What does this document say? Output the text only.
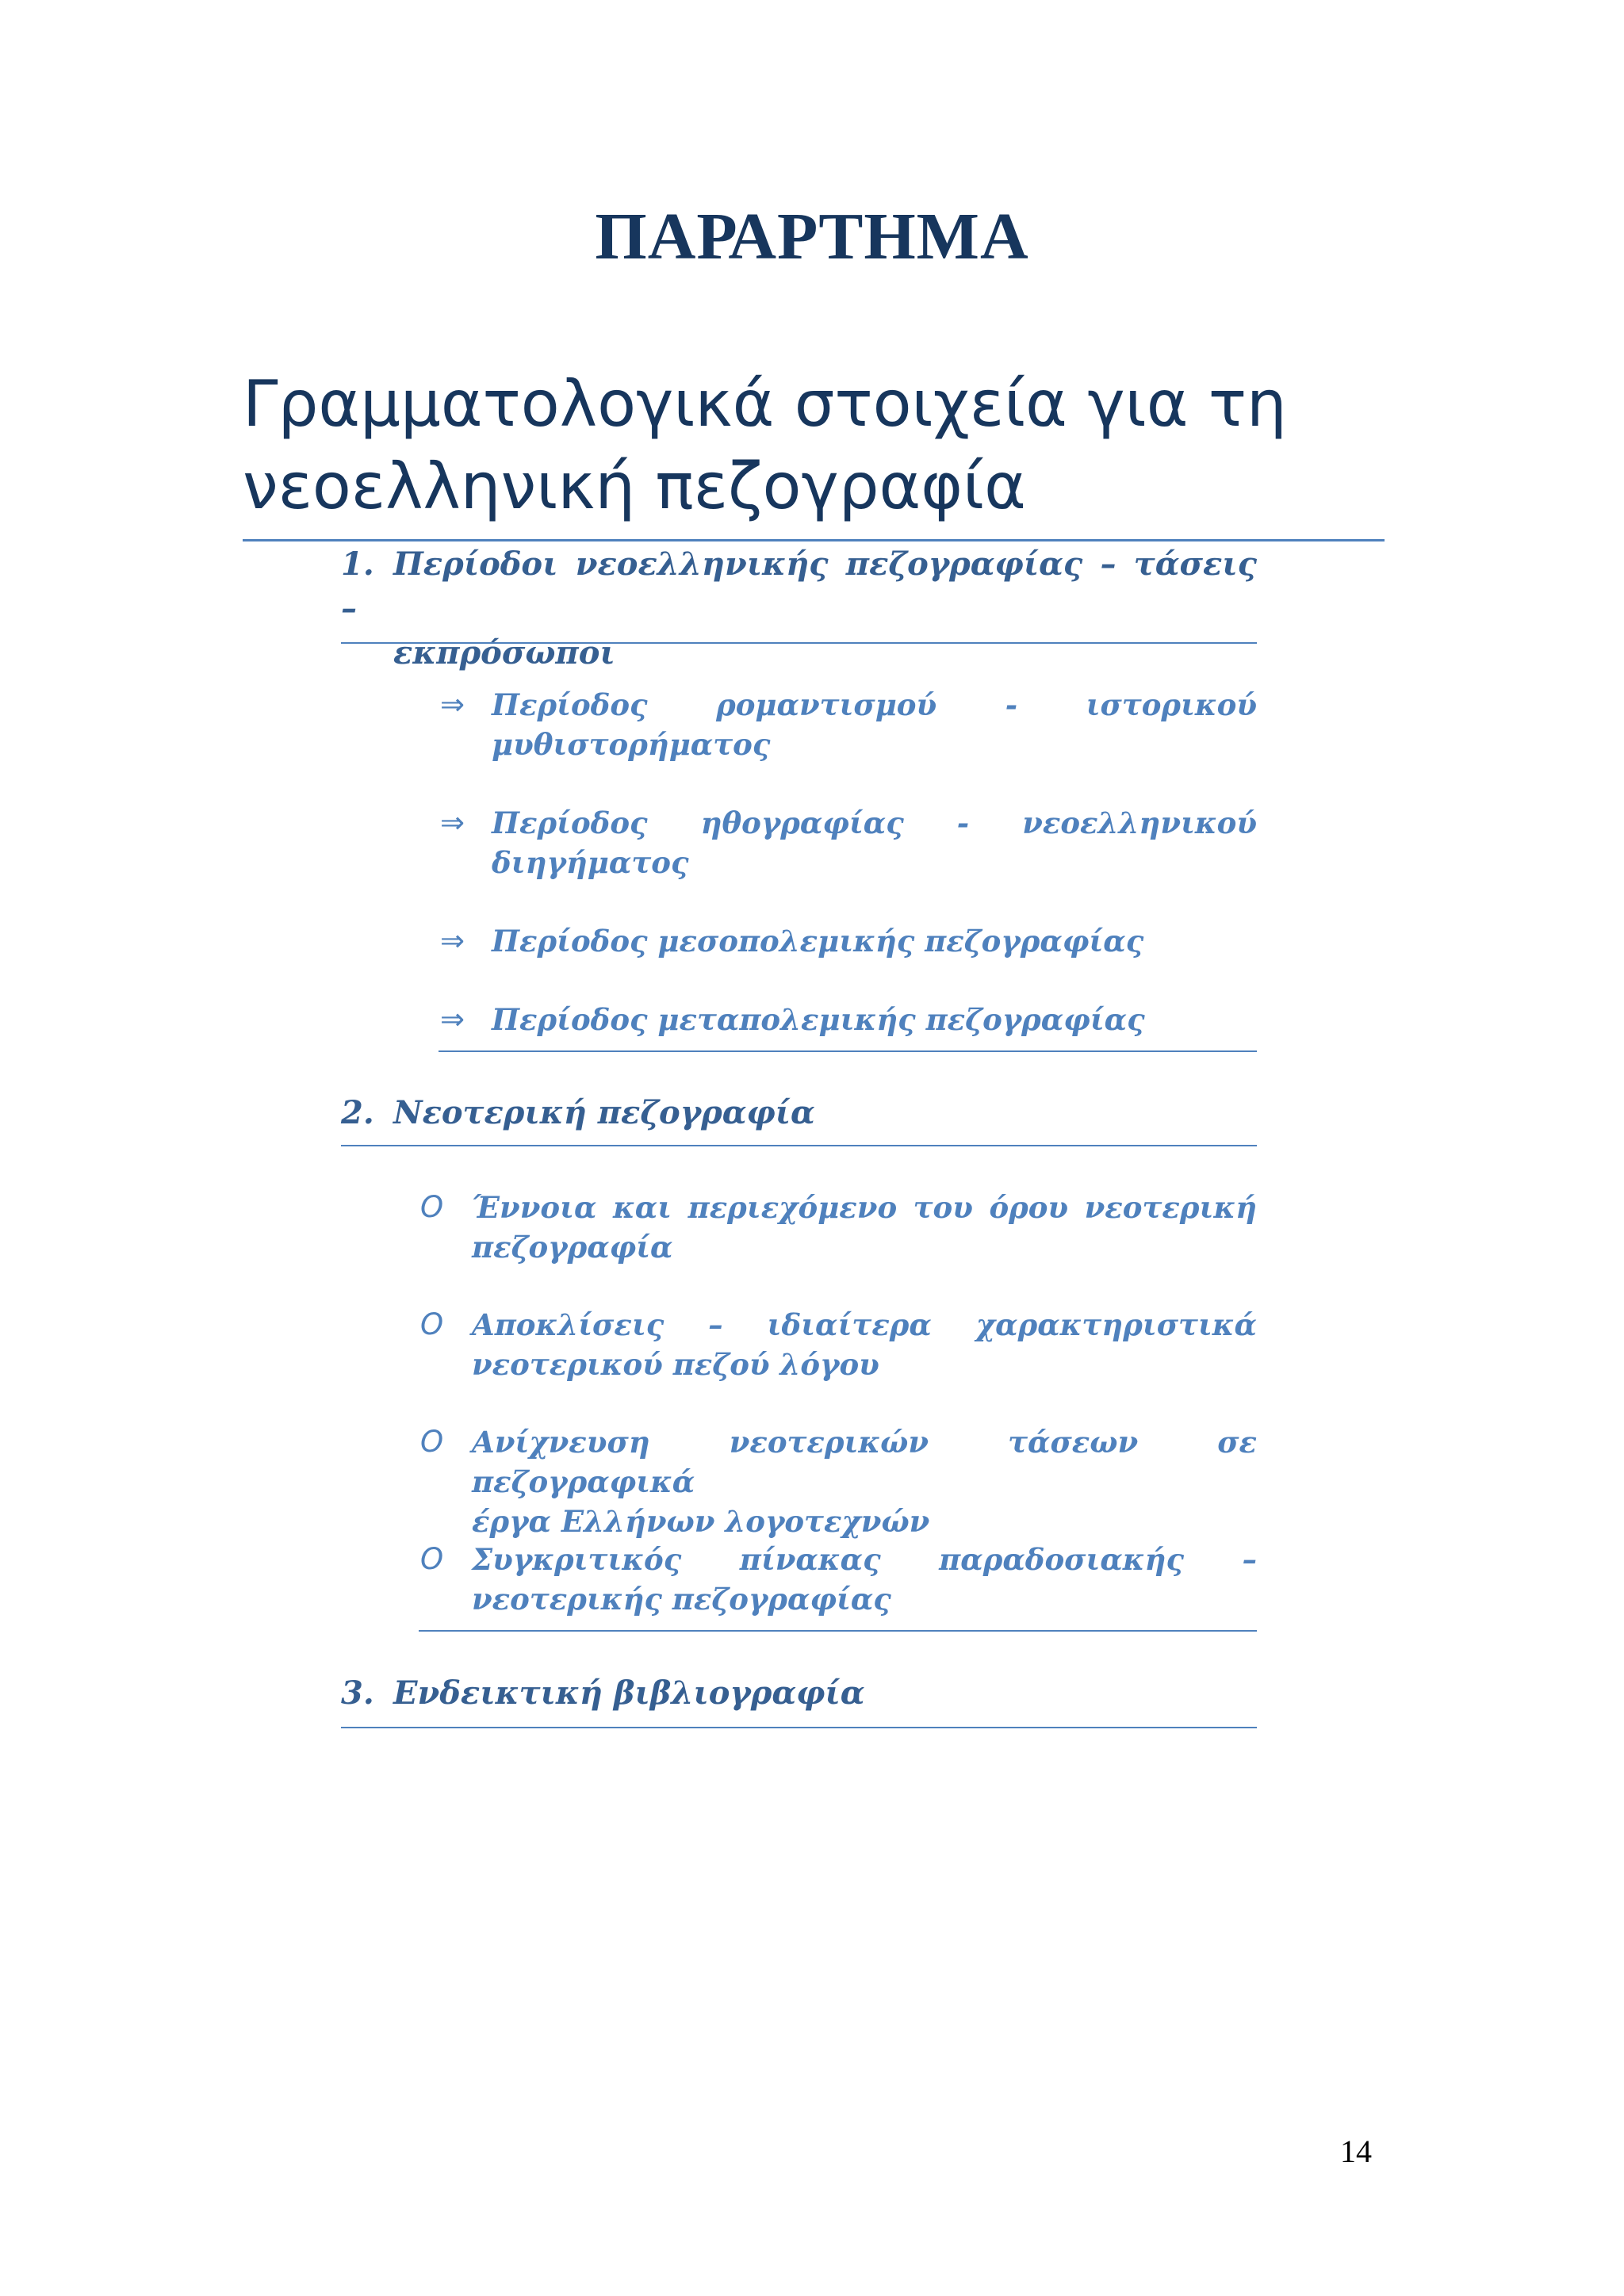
ΠΑΡΑΡΤΗΜΑ
Γραμματολογικά στοιχεία για τη
νεοελληνική πεζογραφία
1. Περίοδοι νεοελληνικής πεζογραφίας – τάσεις –
εκπρόσωποι
⇒ Περίοδος ρομαντισμού - ιστορικού
μυθιστορήματος
⇒ Περίοδος ηθογραφίας - νεοελληνικού
διηγήματος
⇒ Περίοδος μεσοπολεμικής πεζογραφίας
⇒ Περίοδος μεταπολεμικής πεζογραφίας
2. Νεοτερική πεζογραφία
O Έννοια και περιεχόμενο του όρου νεοτερική
πεζογραφία
O Αποκλίσεις – ιδιαίτερα χαρακτηριστικά
νεοτερικού πεζού λόγου
O Ανίχνευση νεοτερικών τάσεων σε πεζογραφικά
έργα Ελλήνων λογοτεχνών
O Συγκριτικός πίνακας παραδοσιακής –
νεοτερικής πεζογραφίας
3. Ενδεικτική βιβλιογραφία
14
